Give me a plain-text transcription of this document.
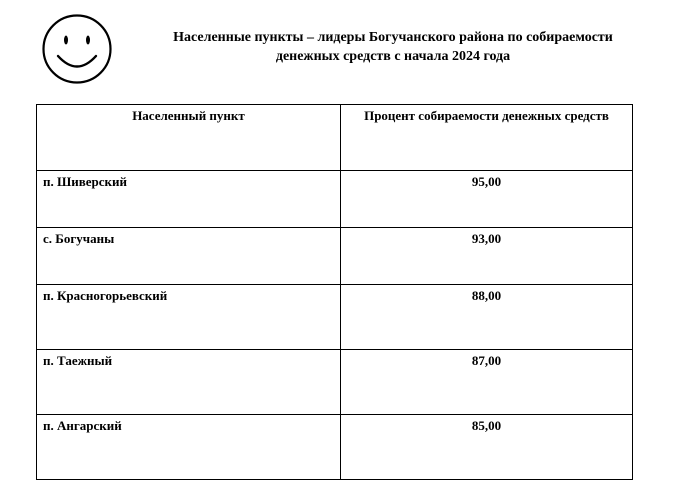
Населенные пункты – лидеры Богучанского района по собираемости
денежных средств с начала 2024 года
Населенный пункт	Процент собираемости денежных средств
п. Шиверский	95,00
с. Богучаны	93,00
п. Красногорьевский	88,00
п. Таежный	87,00
п. Ангарский	85,00
